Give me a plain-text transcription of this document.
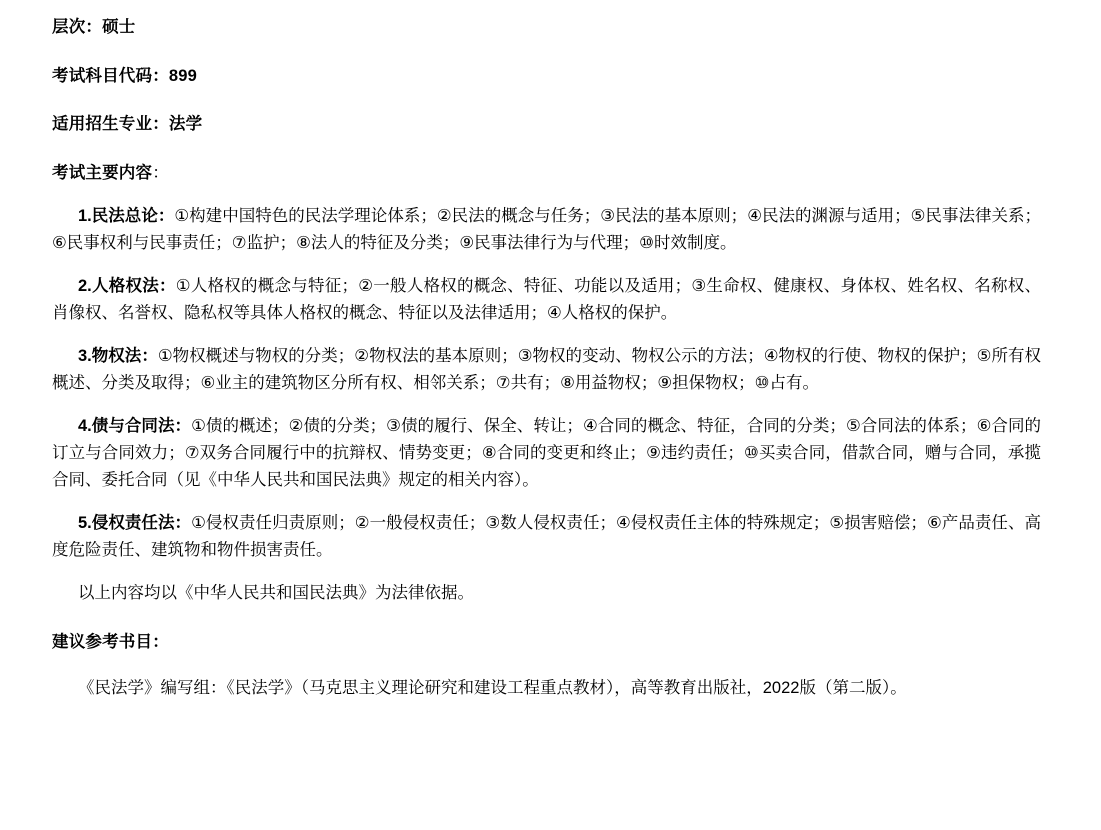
层次：硕士

考试科目代码：899

适用招生专业：法学

考试主要内容：

1.民法总论：①构建中国特色的民法学理论体系；②民法的概念与任务；③民法的基本原则；④民法的渊源与适用；⑤民事法律关系；⑥民事权利与民事责任；⑦监护；⑧法人的特征及分类；⑨民事法律行为与代理；⑩时效制度。

2.人格权法：①人格权的概念与特征；②一般人格权的概念、特征、功能以及适用；③生命权、健康权、身体权、姓名权、名称权、肖像权、名誉权、隐私权等具体人格权的概念、特征以及法律适用；④人格权的保护。

3.物权法：①物权概述与物权的分类；②物权法的基本原则；③物权的变动、物权公示的方法；④物权的行使、物权的保护；⑤所有权概述、分类及取得；⑥业主的建筑物区分所有权、相邻关系；⑦共有；⑧用益物权；⑨担保物权；⑩占有。

4.债与合同法：①债的概述；②债的分类；③债的履行、保全、转让；④合同的概念、特征，合同的分类；⑤合同法的体系；⑥合同的订立与合同效力；⑦双务合同履行中的抗辩权、情势变更；⑧合同的变更和终止；⑨违约责任；⑩买卖合同，借款合同，赠与合同，承揽合同、委托合同（见《中华人民共和国民法典》规定的相关内容）。

5.侵权责任法：①侵权责任归责原则；②一般侵权责任；③数人侵权责任；④侵权责任主体的特殊规定；⑤损害赔偿；⑥产品责任、高度危险责任、建筑物和物件损害责任。

以上内容均以《中华人民共和国民法典》为法律依据。

建议参考书目：

《民法学》编写组：《民法学》（马克思主义理论研究和建设工程重点教材），高等教育出版社，2022版（第二版）。
